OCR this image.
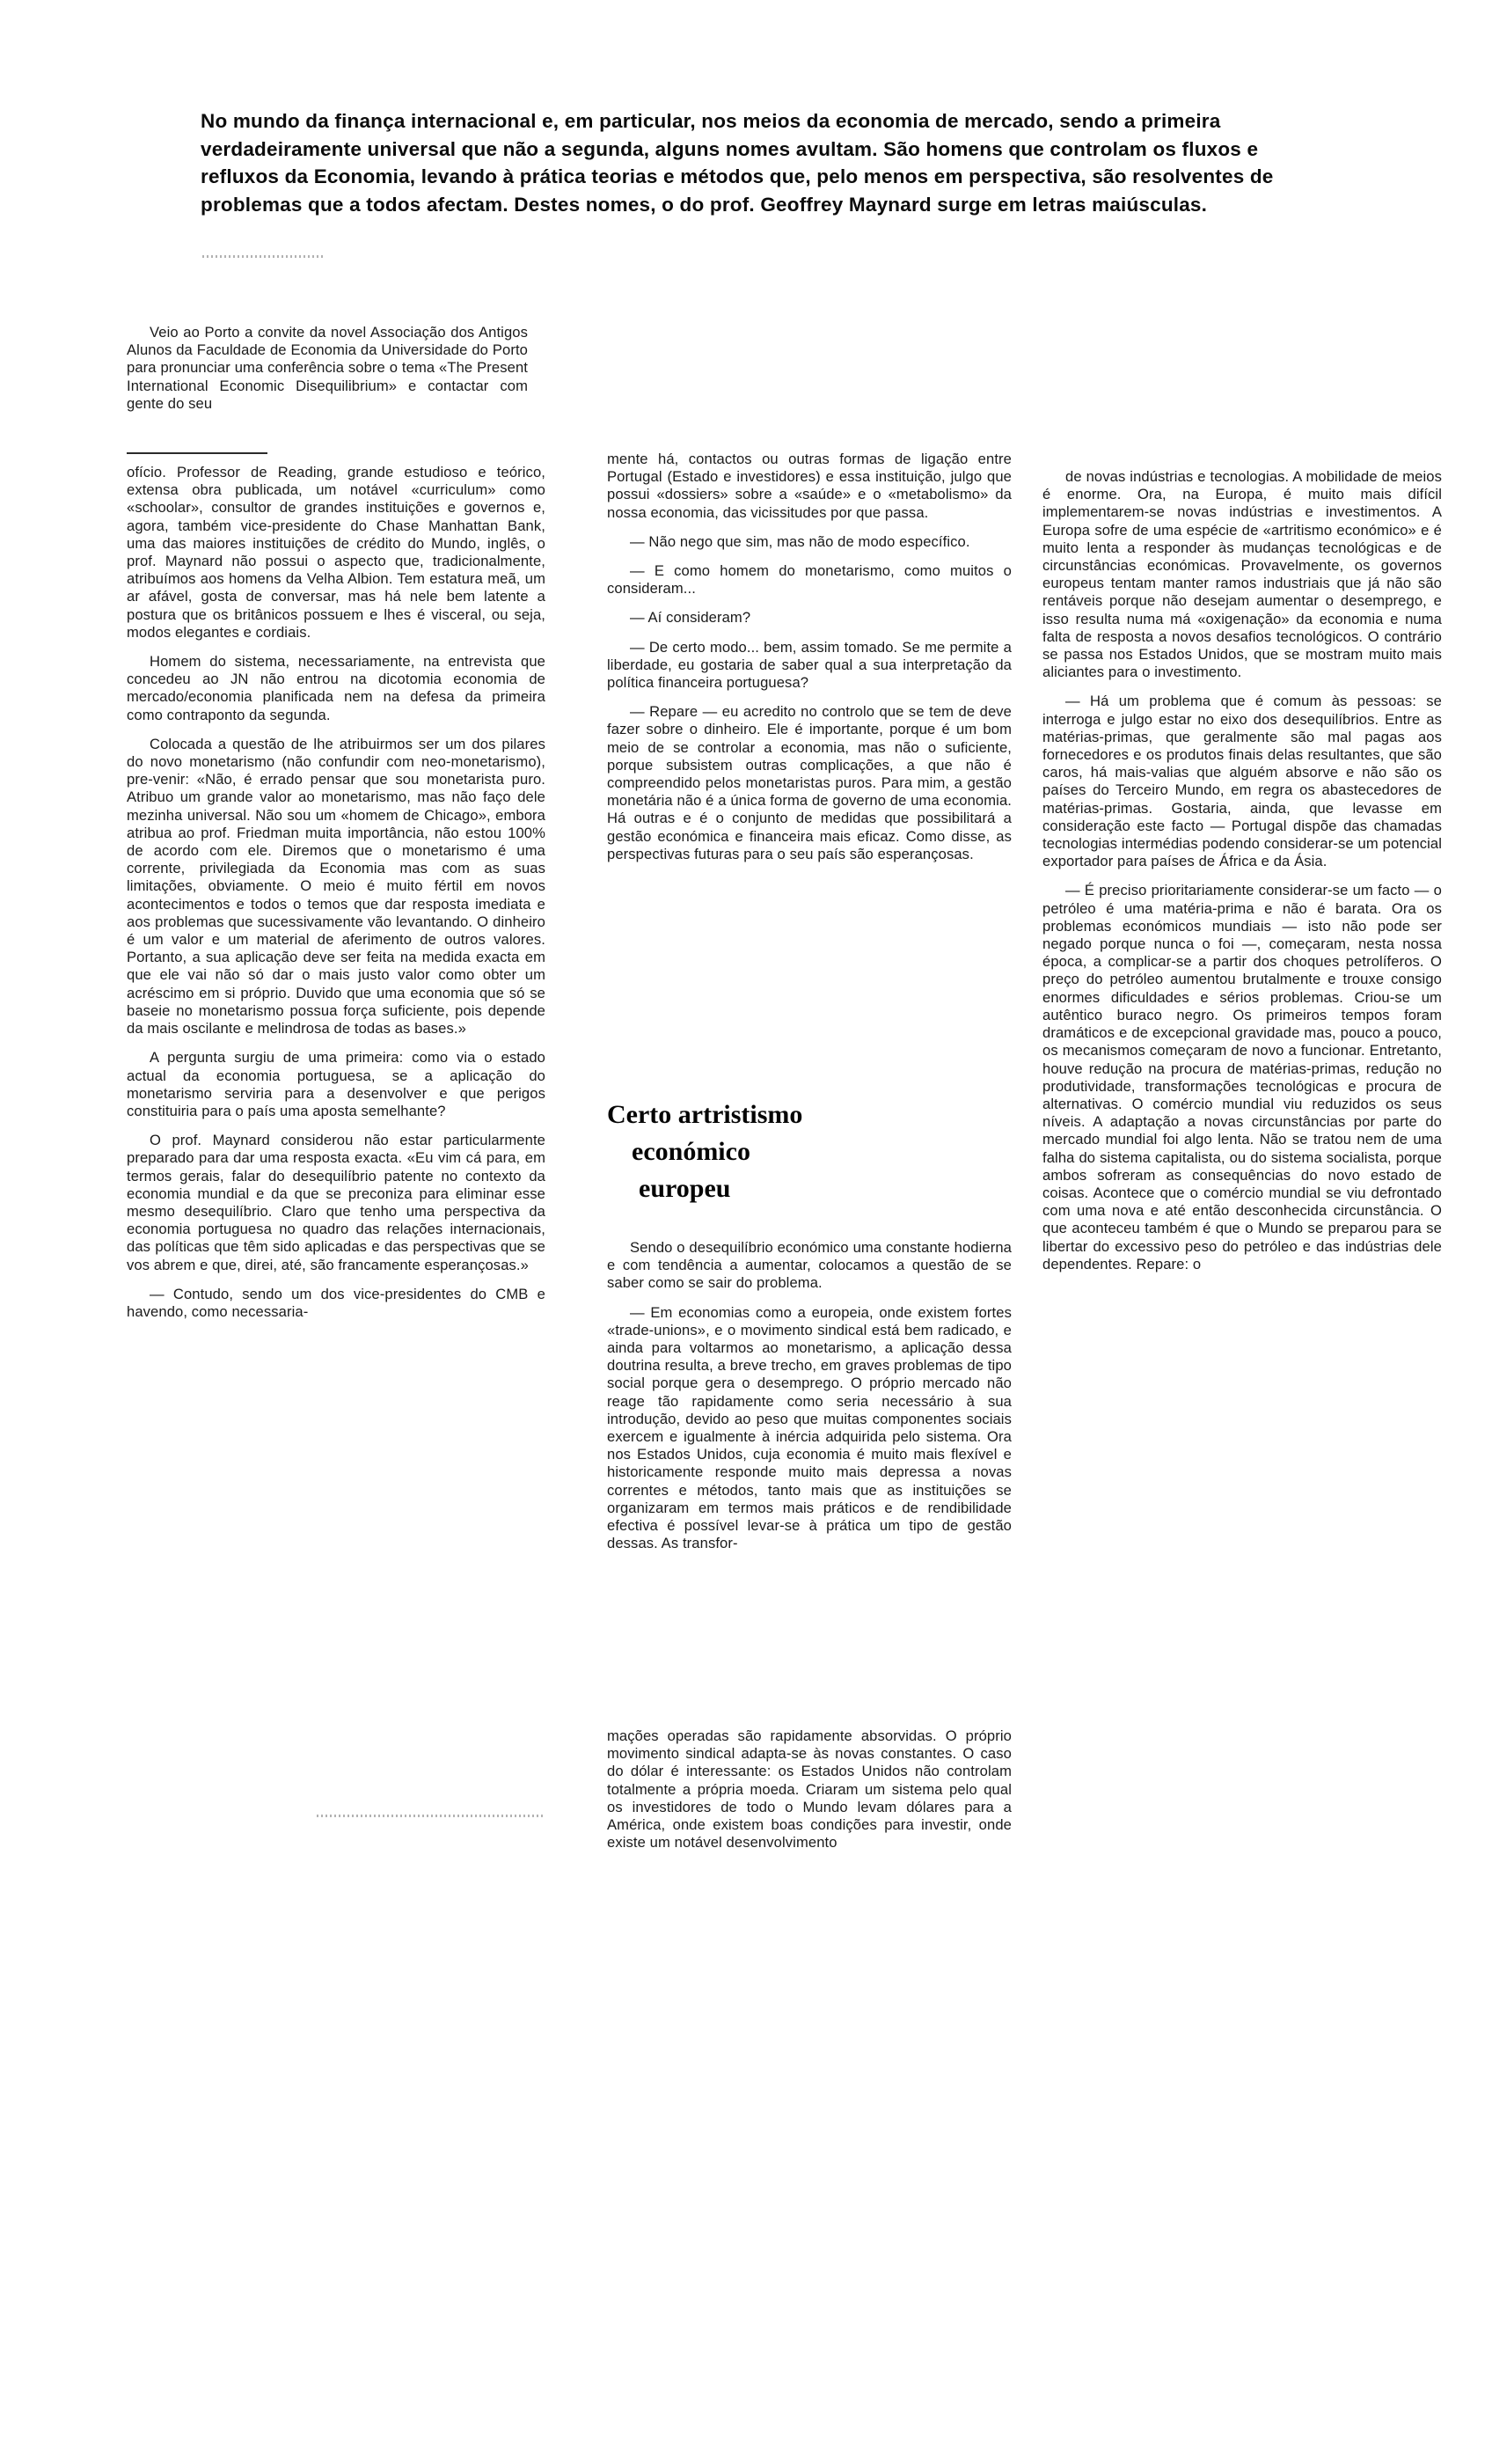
No mundo da finança internacional e, em particular, nos meios da economia de mercado, sendo a primeira verdadeiramente universal que não a segunda, alguns nomes avultam. São homens que controlam os fluxos e refluxos da Economia, levando à prática teorias e métodos que, pelo menos em perspectiva, são resolventes de problemas que a todos afectam. Destes nomes, o do prof. Geoffrey Maynard surge em letras maiúsculas.

Veio ao Porto a convite da novel Associação dos Antigos Alunos da Faculdade de Economia da Universidade do Porto para pronunciar uma conferência sobre o tema «The Present International Economic Disequilibrium» e contactar com gente do seu

ofício. Professor de Reading, grande estudioso e teórico, extensa obra publicada, um notável «curriculum» como «schoolar», consultor de grandes instituições e governos e, agora, também vice-presidente do Chase Manhattan Bank, uma das maiores instituições de crédito do Mundo, inglês, o prof. Maynard não possui o aspecto que, tradicionalmente, atribuímos aos homens da Velha Albion. Tem estatura meã, um ar afável, gosta de conversar, mas há nele bem latente a postura que os britânicos possuem e lhes é visceral, ou seja, modos elegantes e cordiais.

Homem do sistema, necessariamente, na entrevista que concedeu ao JN não entrou na dicotomia economia de mercado/economia planificada nem na defesa da primeira como contraponto da segunda.

Colocada a questão de lhe atribuirmos ser um dos pilares do novo monetarismo (não confundir com neo-monetarismo), pre-venir: «Não, é errado pensar que sou monetarista puro. Atribuo um grande valor ao monetarismo, mas não faço dele mezinha universal. Não sou um «homem de Chicago», embora atribua ao prof. Friedman muita importância, não estou 100% de acordo com ele. Diremos que o monetarismo é uma corrente, privilegiada da Economia mas com as suas limitações, obviamente. O meio é muito fértil em novos acontecimentos e todos o temos que dar resposta imediata e aos problemas que sucessivamente vão levantando. O dinheiro é um valor e um material de aferimento de outros valores. Portanto, a sua aplicação deve ser feita na medida exacta em que ele vai não só dar o mais justo valor como obter um acréscimo em si próprio. Duvido que uma economia que só se baseie no monetarismo possua força suficiente, pois depende da mais oscilante e melindrosa de todas as bases.»

A pergunta surgiu de uma primeira: como via o estado actual da economia portuguesa, se a aplicação do monetarismo serviria para a desenvolver e que perigos constituiria para o país uma aposta semelhante?

O prof. Maynard considerou não estar particularmente preparado para dar uma resposta exacta. «Eu vim cá para, em termos gerais, falar do desequilíbrio patente no contexto da economia mundial e da que se preconiza para eliminar esse mesmo desequilíbrio. Claro que tenho uma perspectiva da economia portuguesa no quadro das relações internacionais, das políticas que têm sido aplicadas e das perspectivas que se vos abrem e que, direi, até, são francamente esperançosas.»

— Contudo, sendo um dos vice-presidentes do CMB e havendo, como necessaria-

mente há, contactos ou outras formas de ligação entre Portugal (Estado e investidores) e essa instituição, julgo que possui «dossiers» sobre a «saúde» e o «metabolismo» da nossa economia, das vicissitudes por que passa.

— Não nego que sim, mas não de modo específico.

— E como homem do monetarismo, como muitos o consideram...

— Aí consideram?

— De certo modo... bem, assim tomado. Se me permite a liberdade, eu gostaria de saber qual a sua interpretação da política financeira portuguesa?

— Repare — eu acredito no controlo que se tem de deve fazer sobre o dinheiro. Ele é importante, porque é um bom meio de se controlar a economia, mas não o suficiente, porque subsistem outras complicações, a que não é compreendido pelos monetaristas puros. Para mim, a gestão monetária não é a única forma de governo de uma economia. Há outras e é o conjunto de medidas que possibilitará a gestão económica e financeira mais eficaz. Como disse, as perspectivas futuras para o seu país são esperançosas.

Certo artristismo
económico
europeu

Sendo o desequilíbrio económico uma constante hodierna e com tendência a aumentar, colocamos a questão de se saber como se sair do problema.

— Em economias como a europeia, onde existem fortes «trade-unions», e o movimento sindical está bem radicado, e ainda para voltarmos ao monetarismo, a aplicação dessa doutrina resulta, a breve trecho, em graves problemas de tipo social porque gera o desemprego. O próprio mercado não reage tão rapidamente como seria necessário à sua introdução, devido ao peso que muitas componentes sociais exercem e igualmente à inércia adquirida pelo sistema. Ora nos Estados Unidos, cuja economia é muito mais flexível e historicamente responde muito mais depressa a novas correntes e métodos, tanto mais que as instituições se organizaram em termos mais práticos e de rendibilidade efectiva é possível levar-se à prática um tipo de gestão dessas. As transfor-

mações operadas são rapidamente absorvidas. O próprio movimento sindical adapta-se às novas constantes. O caso do dólar é interessante: os Estados Unidos não controlam totalmente a própria moeda. Criaram um sistema pelo qual os investidores de todo o Mundo levam dólares para a América, onde existem boas condições para investir, onde existe um notável desenvolvimento

de novas indústrias e tecnologias. A mobilidade de meios é enorme. Ora, na Europa, é muito mais difícil implementarem-se novas indústrias e investimentos. A Europa sofre de uma espécie de «artritismo económico» e é muito lenta a responder às mudanças tecnológicas e de circunstâncias económicas. Provavelmente, os governos europeus tentam manter ramos industriais que já não são rentáveis porque não desejam aumentar o desemprego, e isso resulta numa má «oxigenação» da economia e numa falta de resposta a novos desafios tecnológicos. O contrário se passa nos Estados Unidos, que se mostram muito mais aliciantes para o investimento.

— Há um problema que é comum às pessoas: se interroga e julgo estar no eixo dos desequilíbrios. Entre as matérias-primas, que geralmente são mal pagas aos fornecedores e os produtos finais delas resultantes, que são caros, há mais-valias que alguém absorve e não são os países do Terceiro Mundo, em regra os abastecedores de matérias-primas. Gostaria, ainda, que levasse em consideração este facto — Portugal dispõe das chamadas tecnologias intermédias podendo considerar-se um potencial exportador para países de África e da Ásia.

— É preciso prioritariamente considerar-se um facto — o petróleo é uma matéria-prima e não é barata. Ora os problemas económicos mundiais — isto não pode ser negado porque nunca o foi —, começaram, nesta nossa época, a complicar-se a partir dos choques petrolíferos. O preço do petróleo aumentou brutalmente e trouxe consigo enormes dificuldades e sérios problemas. Criou-se um autêntico buraco negro. Os primeiros tempos foram dramáticos e de excepcional gravidade mas, pouco a pouco, os mecanismos começaram de novo a funcionar. Entretanto, houve redução na procura de matérias-primas, redução no produtividade, transformações tecnológicas e procura de alternativas. O comércio mundial viu reduzidos os seus níveis. A adaptação a novas circunstâncias por parte do mercado mundial foi algo lenta. Não se tratou nem de uma falha do sistema capitalista, ou do sistema socialista, porque ambos sofreram as consequências do novo estado de coisas. Acontece que o comércio mundial se viu defrontado com uma nova e até então desconhecida circunstância. O que aconteceu também é que o Mundo se preparou para se libertar do excessivo peso do petróleo e das indústrias dele dependentes. Repare: o
